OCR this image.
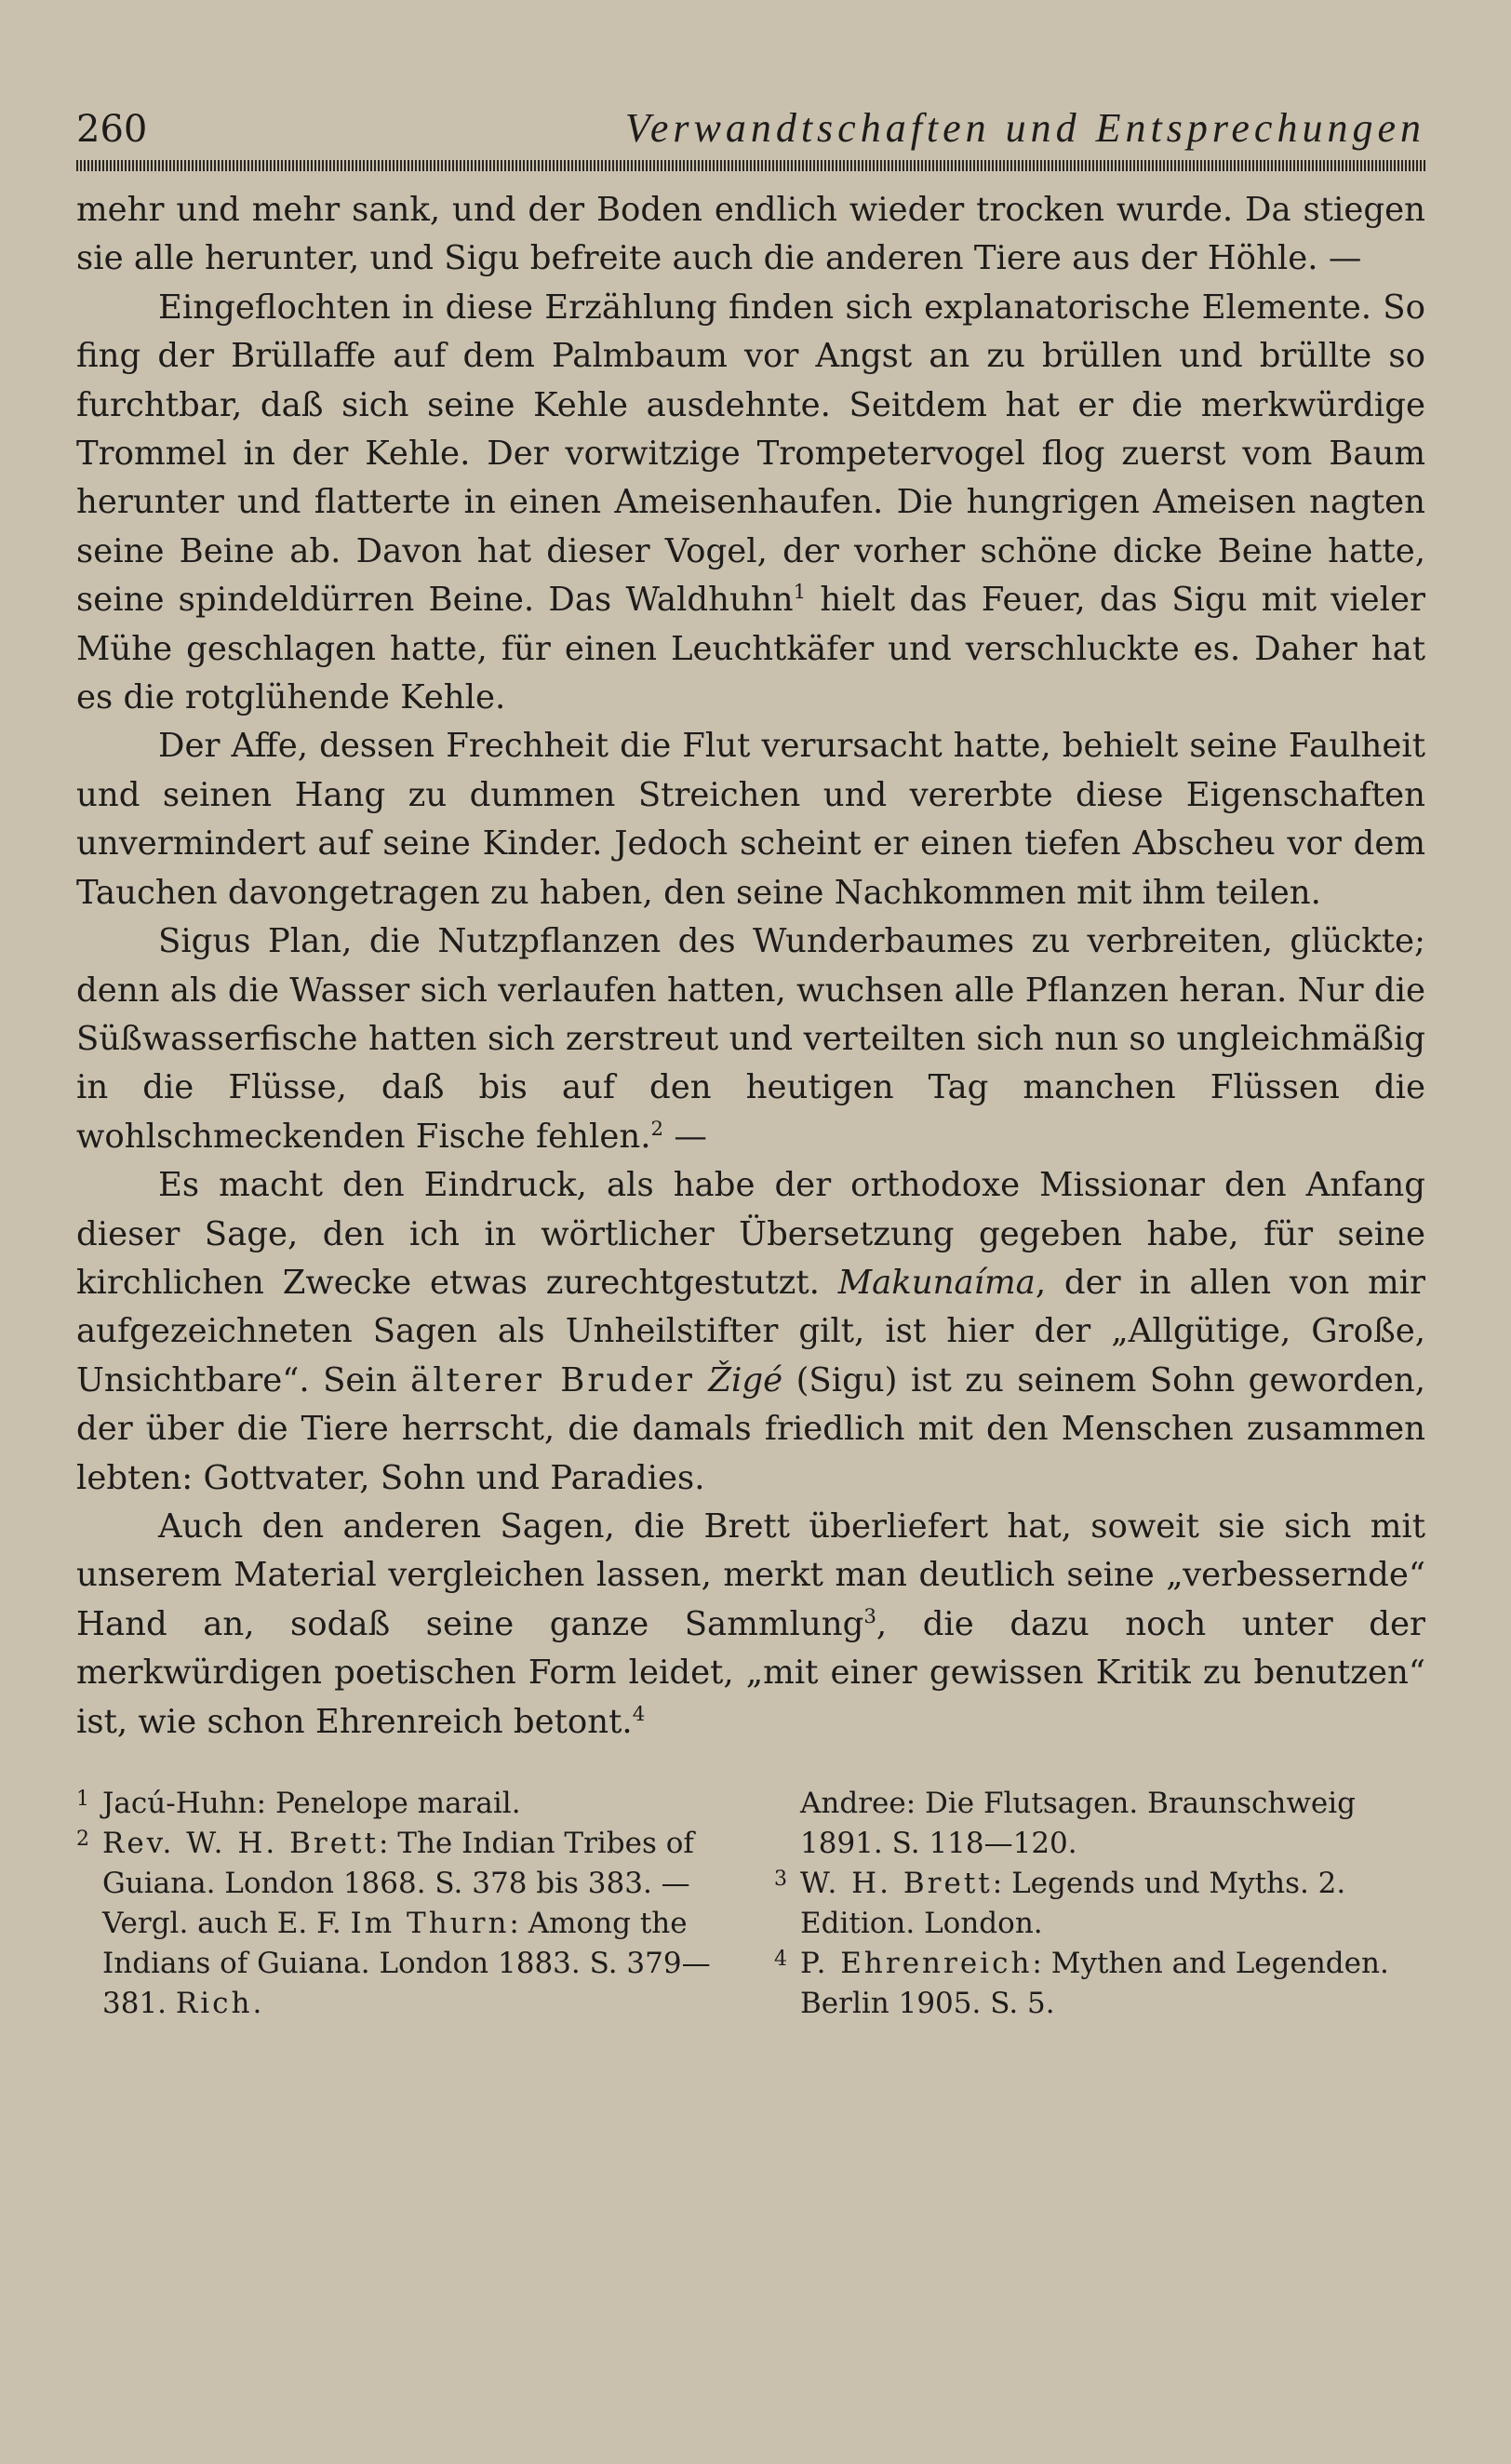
260	Verwandtschaften und Entsprechungen

mehr und mehr sank, und der Boden endlich wieder trocken wurde. Da stiegen sie alle herunter, und Sigu befreite auch die anderen Tiere aus der Höhle. —

Eingeflochten in diese Erzählung finden sich explanatorische Elemente. So fing der Brüllaffe auf dem Palmbaum vor Angst an zu brüllen und brüllte so furchtbar, daß sich seine Kehle ausdehnte. Seitdem hat er die merkwürdige Trommel in der Kehle. Der vorwitzige Trompetervogel flog zuerst vom Baum herunter und flatterte in einen Ameisenhaufen. Die hungrigen Ameisen nagten seine Beine ab. Davon hat dieser Vogel, der vorher schöne dicke Beine hatte, seine spindeldürren Beine. Das Waldhuhn$^1$ hielt das Feuer, das Sigu mit vieler Mühe geschlagen hatte, für einen Leuchtkäfer und verschluckte es. Daher hat es die rotglühende Kehle.

Der Affe, dessen Frechheit die Flut verursacht hatte, behielt seine Faulheit und seinen Hang zu dummen Streichen und vererbte diese Eigenschaften unvermindert auf seine Kinder. Jedoch scheint er einen tiefen Abscheu vor dem Tauchen davongetragen zu haben, den seine Nachkommen mit ihm teilen.

Sigus Plan, die Nutzpflanzen des Wunderbaumes zu verbreiten, glückte; denn als die Wasser sich verlaufen hatten, wuchsen alle Pflanzen heran. Nur die Süßwasserfische hatten sich zerstreut und verteilten sich nun so ungleichmäßig in die Flüsse, daß bis auf den heutigen Tag manchen Flüssen die wohlschmeckenden Fische fehlen.$^2$ —

Es macht den Eindruck, als habe der orthodoxe Missionar den Anfang dieser Sage, den ich in wörtlicher Übersetzung gegeben habe, für seine kirchlichen Zwecke etwas zurechtgestutzt. Makunaíma, der in allen von mir aufgezeichneten Sagen als Unheilstifter gilt, ist hier der „Allgütige, Große, Unsichtbare“. Sein älterer Bruder Žigé (Sigu) ist zu seinem Sohn geworden, der über die Tiere herrscht, die damals friedlich mit den Menschen zusammen lebten: Gottvater, Sohn und Paradies.

Auch den anderen Sagen, die Brett überliefert hat, soweit sie sich mit unserem Material vergleichen lassen, merkt man deutlich seine „verbessernde“ Hand an, sodaß seine ganze Sammlung$^3$, die dazu noch unter der merkwürdigen poetischen Form leidet, „mit einer gewissen Kritik zu benutzen“ ist, wie schon Ehrenreich betont.$^4$

1 Jacú-Huhn: Penelope marail.
2 Rev. W. H. Brett: The Indian Tribes of Guiana. London 1868. S. 378 bis 383. — Vergl. auch E. F. Im Thurn: Among the Indians of Guiana. London 1883. S. 379—381. Rich.
Andree: Die Flutsagen. Braunschweig 1891. S. 118—120.
3 W. H. Brett: Legends und Myths. 2. Edition. London.
4 P. Ehrenreich: Mythen and Legenden. Berlin 1905. S. 5.
